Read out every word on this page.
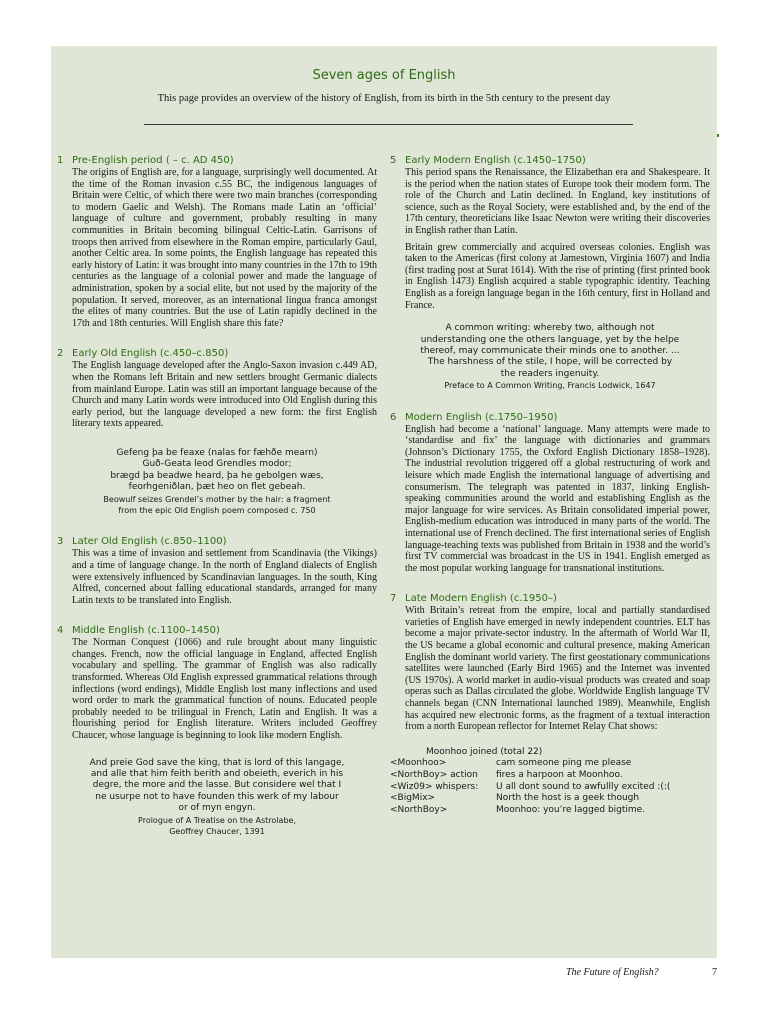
Seven ages of English
This page provides an overview of the history of English, from its birth in the 5th century to the present day
1 Pre-English period ( – c. AD 450)

The origins of English are, for a language, surprisingly well documented. At the time of the Roman invasion c.55 BC, the indigenous languages of Britain were Celtic, of which there were two main branches (corresponding to modern Gaelic and Welsh). The Romans made Latin an ‘official’ language of culture and government, probably resulting in many communities in Britain becoming bilingual Celtic-Latin. Garrisons of troops then arrived from elsewhere in the Roman empire, particularly Gaul, another Celtic area. In some points, the English language has repeated this early history of Latin: it was brought into many countries in the 17th to 19th centuries as the language of a colonial power and made the language of administration, spoken by a social elite, but not used by the majority of the population. It served, moreover, as an international lingua franca amongst the elites of many countries. But the use of Latin rapidly declined in the 17th and 18th centuries. Will English share this fate?

2 Early Old English (c.450–c.850)

The English language developed after the Anglo-Saxon invasion c.449 AD, when the Romans left Britain and new settlers brought Germanic dialects from mainland Europe. Latin was still an important language because of the Church and many Latin words were introduced into Old English during this early period, but the language developed a new form: the first English literary texts appeared.

Gefeng þa be feaxe (nalas for fæhðe mearn)
Guð-Geata leod Grendles modor;
brægd þa beadwe heard, þa he gebolgen wæs,
feorhgeniðlan, þæt heo on flet gebeah.
Beowulf seizes Grendel’s mother by the hair: a fragment
from the epic Old English poem composed c. 750
3 Later Old English (c.850–1100)

This was a time of invasion and settlement from Scandinavia (the Vikings) and a time of language change. In the north of England dialects of English were extensively influenced by Scandinavian languages. In the south, King Alfred, concerned about falling educational standards, arranged for many Latin texts to be translated into English.

4 Middle English (c.1100–1450)

The Norman Conquest (1066) and rule brought about many linguistic changes. French, now the official language in England, affected English vocabulary and spelling. The grammar of English was also radically transformed. Whereas Old English expressed grammatical relations through inflections (word endings), Middle English lost many inflections and used word order to mark the grammatical function of nouns. Educated people probably needed to be trilingual in French, Latin and English. It was a flourishing period for English literature. Writers included Geoffrey Chaucer, whose language is beginning to look like modern English.

And preie God save the king, that is lord of this langage,
and alle that him feith berith and obeieth, everich in his
degre, the more and the lasse. But considere wel that I
ne usurpe not to have founden this werk of my labour
or of myn engyn.
Prologue of A Treatise on the Astrolabe,
Geoffrey Chaucer, 1391
5 Early Modern English (c.1450–1750)

This period spans the Renaissance, the Elizabethan era and Shakespeare. It is the period when the nation states of Europe took their modern form. The role of the Church and Latin declined. In England, key institutions of science, such as the Royal Society, were established and, by the end of the 17th century, theoreticians like Isaac Newton were writing their discoveries in English rather than Latin.

Britain grew commercially and acquired overseas colonies. English was taken to the Americas (first colony at Jamestown, Virginia 1607) and India (first trading post at Surat 1614). With the rise of printing (first printed book in English 1473) English acquired a stable typographic identity. Teaching English as a foreign language began in the 16th century, first in Holland and France.

A common writing: whereby two, although not
understanding one the others language, yet by the helpe
thereof, may communicate their minds one to another. ...
The harshness of the stile, I hope, will be corrected by
the readers ingenuity.
Preface to A Common Writing, Francis Lodwick, 1647
6 Modern English (c.1750–1950)

English had become a ‘national’ language. Many attempts were made to ‘standardise and fix’ the language with dictionaries and grammars (Johnson’s Dictionary 1755, the Oxford English Dictionary 1858–1928). The industrial revolution triggered off a global restructuring of work and leisure which made English the international language of advertising and consumerism. The telegraph was patented in 1837, linking English-speaking communities around the world and establishing English as the major language for wire services. As Britain consolidated imperial power, English-medium education was introduced in many parts of the world. The international use of French declined. The first international series of English language-teaching texts was published from Britain in 1938 and the world’s first TV commercial was broadcast in the US in 1941. English emerged as the most popular working language for transnational institutions.

7 Late Modern English (c.1950–)

With Britain’s retreat from the empire, local and partially standardised varieties of English have emerged in newly independent countries. ELT has become a major private-sector industry. In the aftermath of World War II, the US became a global economic and cultural presence, making American English the dominant world variety. The first geostationary communications satellites were launched (Early Bird 1965) and the Internet was invented (US 1970s). A world market in audio-visual products was created and soap operas such as Dallas circulated the globe. Worldwide English language TV channels began (CNN International launched 1989). Meanwhile, English has acquired new electronic forms, as the fragment of a textual interaction from a north European reflector for Internet Relay Chat shows:

Moonhoo joined (total 22)
<Moonhoo>	cam someone ping me please
<NorthBoy> action	fires a harpoon at Moonhoo.
<Wiz09> whispers:	U all dont sound to awfullly excited :(:(
<BigMix>	North the host is a geek though
<NorthBoy>	Moonhoo: you’re lagged bigtime.
The Future of English?	7
